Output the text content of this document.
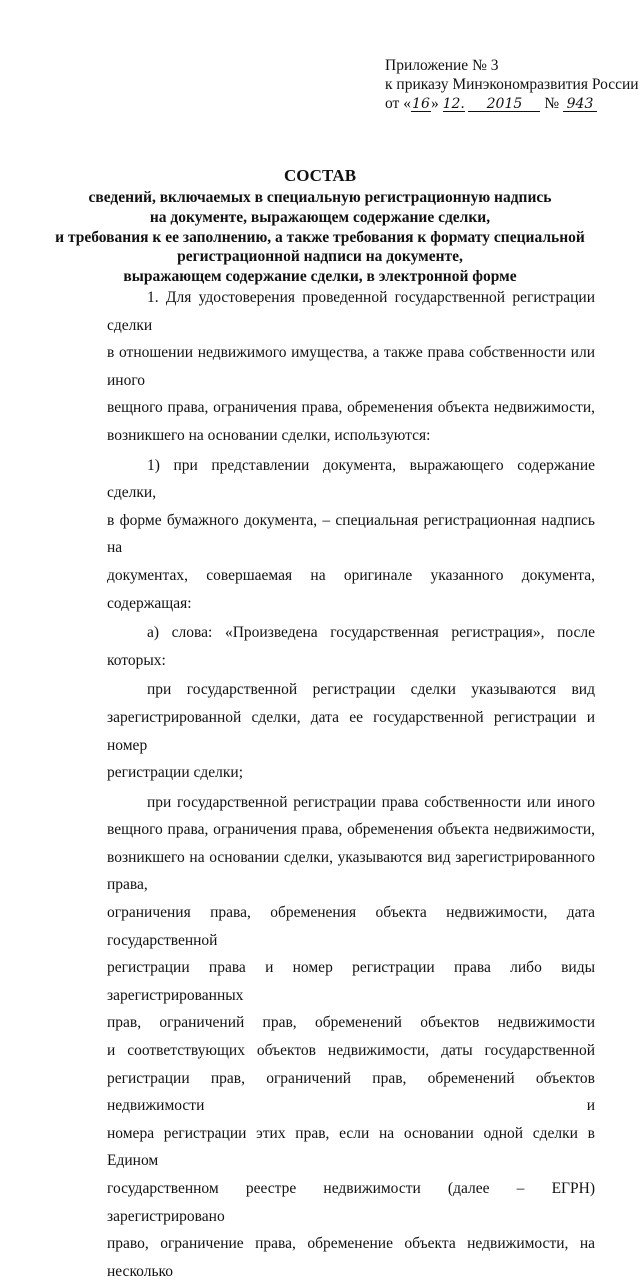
Приложение № 3
к приказу Минэкономразвития России
от «16» 12. 2015 № 943
СОСТАВ
сведений, включаемых в специальную регистрационную надпись
на документе, выражающем содержание сделки,
и требования к ее заполнению, а также требования к формату специальной
регистрационной надписи на документе,
выражающем содержание сделки, в электронной форме

1. Для удостоверения проведенной государственной регистрации сделки

в отношении недвижимого имущества, а также права собственности или иного

вещного права, ограничения права, обременения объекта недвижимости,

возникшего на основании сделки, используются:

1) при представлении документа, выражающего содержание сделки,

в форме бумажного документа, – специальная регистрационная надпись на

документах, совершаемая на оригинале указанного документа, содержащая:

а) слова: «Произведена государственная регистрация», после которых:

при государственной регистрации сделки указываются вид

зарегистрированной сделки, дата ее государственной регистрации и номер

регистрации сделки;

при государственной регистрации права собственности или иного

вещного права, ограничения права, обременения объекта недвижимости,

возникшего на основании сделки, указываются вид зарегистрированного права,

ограничения права, обременения объекта недвижимости, дата государственной

регистрации права и номер регистрации права либо виды зарегистрированных

прав, ограничений прав, обременений объектов недвижимости

и соответствующих объектов недвижимости, даты государственной

регистрации прав, ограничений прав, обременений объектов недвижимости и

номера регистрации этих прав, если на основании одной сделки в Едином

государственном реестре недвижимости (далее – ЕГРН) зарегистрировано

право, ограничение права, обременение объекта недвижимости, на несколько
